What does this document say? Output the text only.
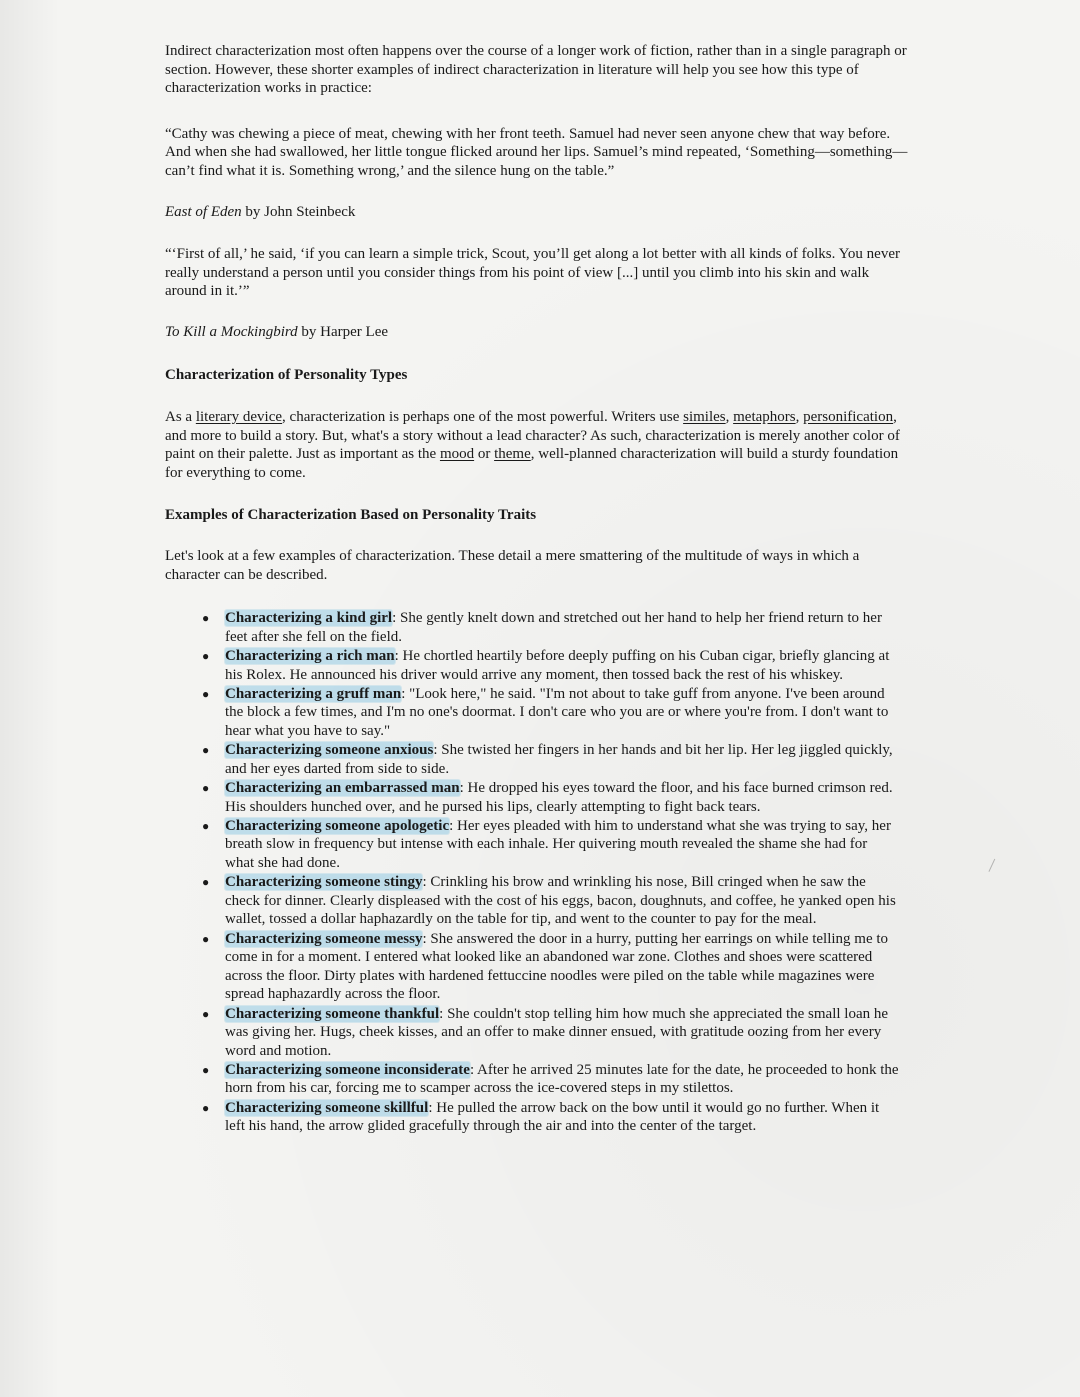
Indirect characterization most often happens over the course of a longer work of fiction, rather than in a single paragraph or section. However, these shorter examples of indirect characterization in literature will help you see how this type of characterization works in practice:

“Cathy was chewing a piece of meat, chewing with her front teeth. Samuel had never seen anyone chew that way before. And when she had swallowed, her little tongue flicked around her lips. Samuel’s mind repeated, ‘Something—something—can’t find what it is. Something wrong,’ and the silence hung on the table.”

East of Eden by John Steinbeck

“‘First of all,’ he said, ‘if you can learn a simple trick, Scout, you’ll get along a lot better with all kinds of folks. You never really understand a person until you consider things from his point of view [...] until you climb into his skin and walk around in it.’”

To Kill a Mockingbird by Harper Lee

Characterization of Personality Types

As a literary device, characterization is perhaps one of the most powerful. Writers use similes, metaphors, personification, and more to build a story. But, what's a story without a lead character? As such, characterization is merely another color of paint on their palette. Just as important as the mood or theme, well-planned characterization will build a sturdy foundation for everything to come.

Examples of Characterization Based on Personality Traits

Let's look at a few examples of characterization. These detail a mere smattering of the multitude of ways in which a character can be described.

● Characterizing a kind girl: She gently knelt down and stretched out her hand to help her friend return to her feet after she fell on the field.
● Characterizing a rich man: He chortled heartily before deeply puffing on his Cuban cigar, briefly glancing at his Rolex. He announced his driver would arrive any moment, then tossed back the rest of his whiskey.
● Characterizing a gruff man: "Look here," he said. "I'm not about to take guff from anyone. I've been around the block a few times, and I'm no one's doormat. I don't care who you are or where you're from. I don't want to hear what you have to say."
● Characterizing someone anxious: She twisted her fingers in her hands and bit her lip. Her leg jiggled quickly, and her eyes darted from side to side.
● Characterizing an embarrassed man: He dropped his eyes toward the floor, and his face burned crimson red. His shoulders hunched over, and he pursed his lips, clearly attempting to fight back tears.
● Characterizing someone apologetic: Her eyes pleaded with him to understand what she was trying to say, her breath slow in frequency but intense with each inhale. Her quivering mouth revealed the shame she had for what she had done.
● Characterizing someone stingy: Crinkling his brow and wrinkling his nose, Bill cringed when he saw the check for dinner. Clearly displeased with the cost of his eggs, bacon, doughnuts, and coffee, he yanked open his wallet, tossed a dollar haphazardly on the table for tip, and went to the counter to pay for the meal.
● Characterizing someone messy: She answered the door in a hurry, putting her earrings on while telling me to come in for a moment. I entered what looked like an abandoned war zone. Clothes and shoes were scattered across the floor. Dirty plates with hardened fettuccine noodles were piled on the table while magazines were spread haphazardly across the floor.
● Characterizing someone thankful: She couldn't stop telling him how much she appreciated the small loan he was giving her. Hugs, cheek kisses, and an offer to make dinner ensued, with gratitude oozing from her every word and motion.
● Characterizing someone inconsiderate: After he arrived 25 minutes late for the date, he proceeded to honk the horn from his car, forcing me to scamper across the ice-covered steps in my stilettos.
● Characterizing someone skillful: He pulled the arrow back on the bow until it would go no further. When it left his hand, the arrow glided gracefully through the air and into the center of the target.
